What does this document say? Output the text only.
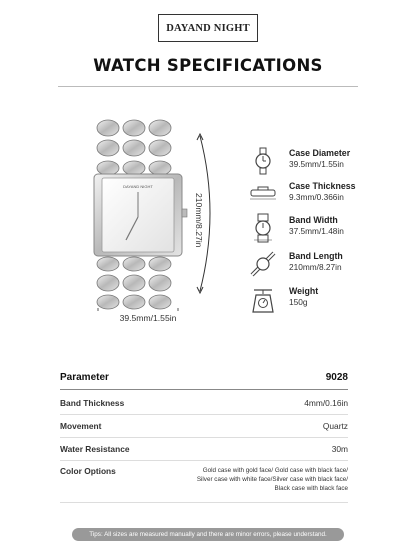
DAYAND NIGHT
WATCH SPECIFICATIONS
DAYAND NIGHT
210mm/8.27in
39.5mm/1.55in
Case Diameter
39.5mm/1.55in
Case Thickness
9.3mm/0.366in
Band Width
37.5mm/1.48in
Band Length
210mm/8.27in
Weight
150g
Parameter	9028
Band Thickness	4mm/0.16in
Movement	Quartz
Water Resistance	30m
Color Options	Gold case with gold face/ Gold case with black face/
Silver case with white face/Silver case with black face/
Black case with black face
Tips: All sizes are measured manually and there are minor errors, please understand.
